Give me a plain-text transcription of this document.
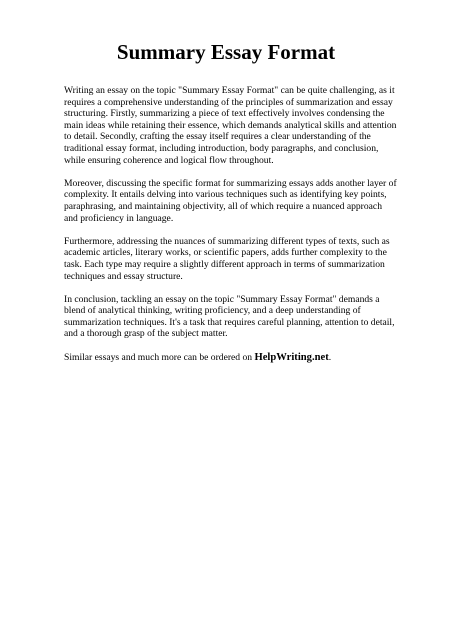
Summary Essay Format

Writing an essay on the topic "Summary Essay Format" can be quite challenging, as it requires a comprehensive understanding of the principles of summarization and essay structuring. Firstly, summarizing a piece of text effectively involves condensing the main ideas while retaining their essence, which demands analytical skills and attention to detail. Secondly, crafting the essay itself requires a clear understanding of the traditional essay format, including introduction, body paragraphs, and conclusion, while ensuring coherence and logical flow throughout.

Moreover, discussing the specific format for summarizing essays adds another layer of complexity. It entails delving into various techniques such as identifying key points, paraphrasing, and maintaining objectivity, all of which require a nuanced approach and proficiency in language.

Furthermore, addressing the nuances of summarizing different types of texts, such as academic articles, literary works, or scientific papers, adds further complexity to the task. Each type may require a slightly different approach in terms of summarization techniques and essay structure.

In conclusion, tackling an essay on the topic "Summary Essay Format" demands a blend of analytical thinking, writing proficiency, and a deep understanding of summarization techniques. It's a task that requires careful planning, attention to detail, and a thorough grasp of the subject matter.

Similar essays and much more can be ordered on HelpWriting.net.
